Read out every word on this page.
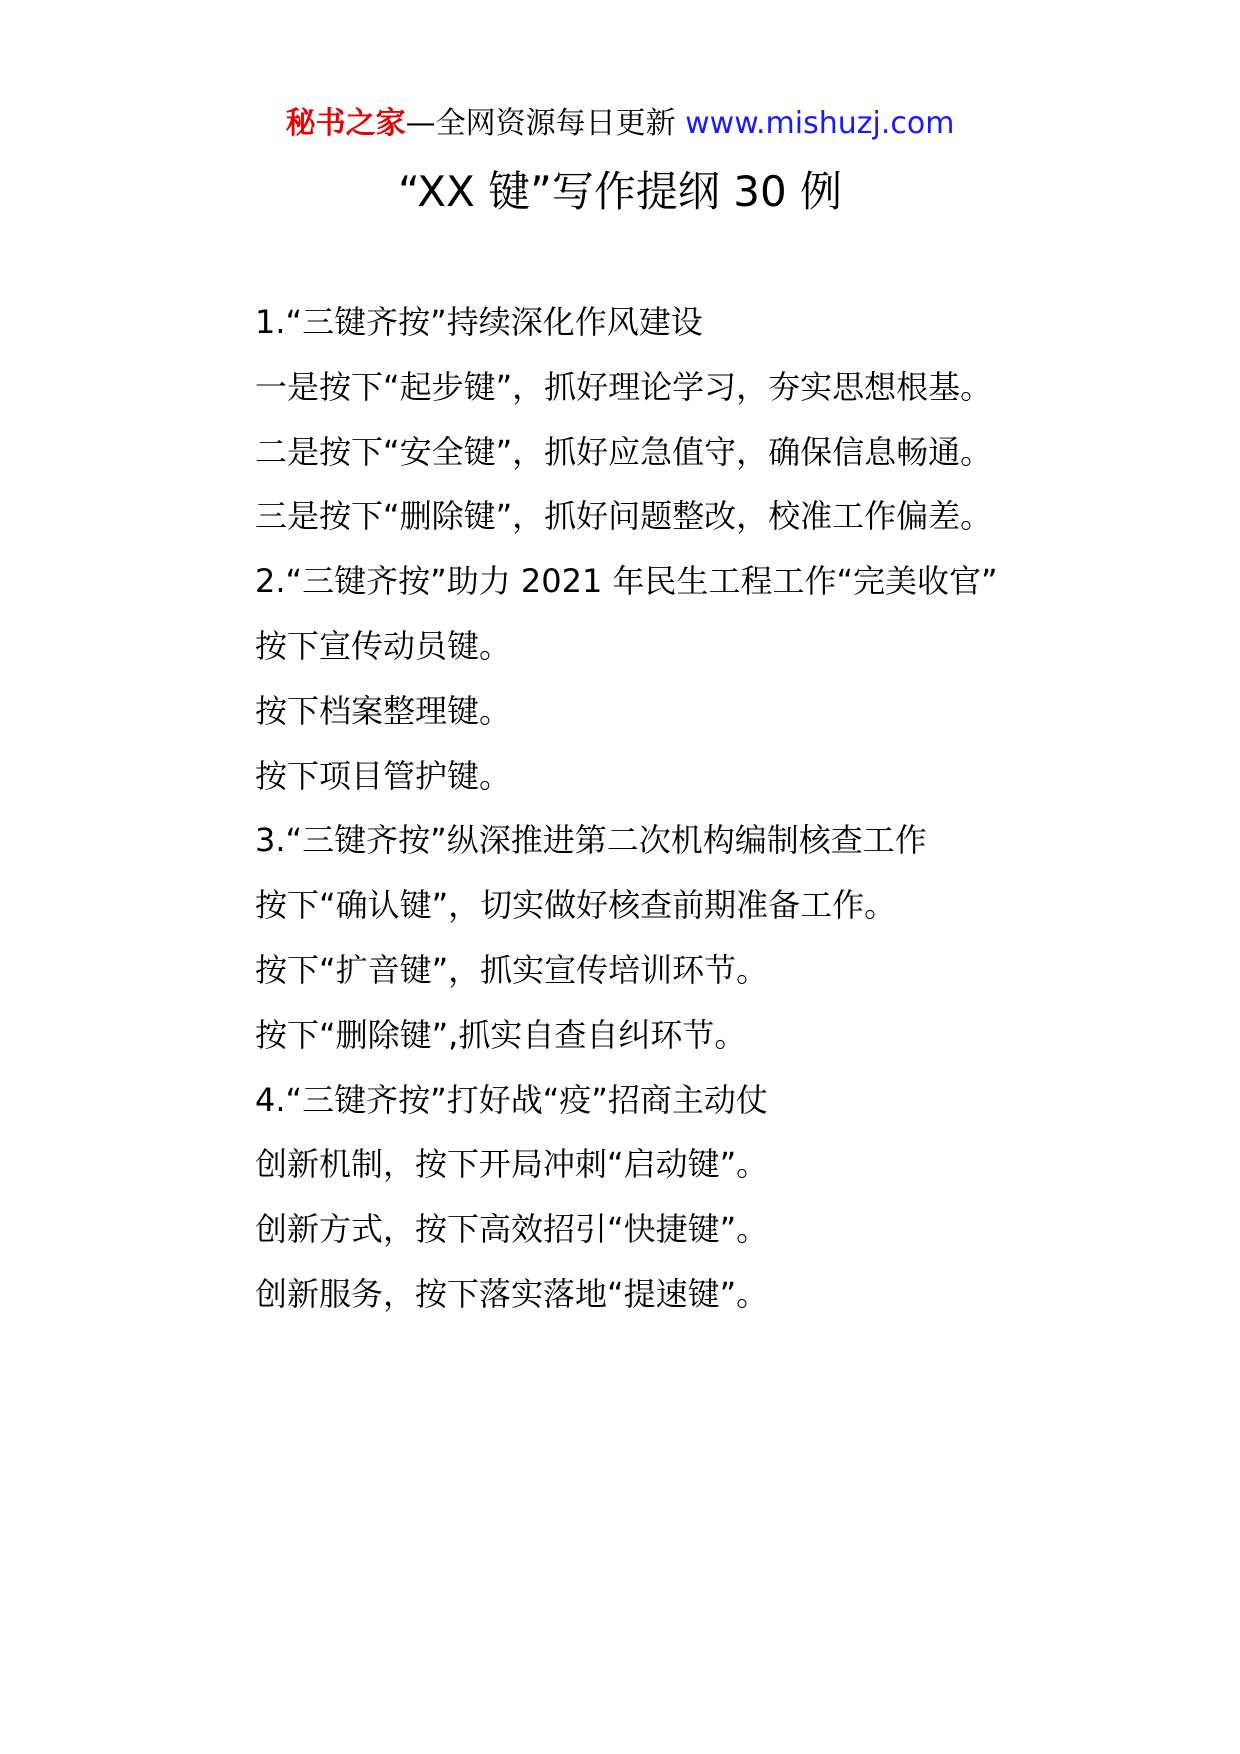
秘书之家—全网资源每日更新 www.mishuzj.com
“XX 键”写作提纲 30 例

1.“三键齐按”持续深化作风建设

一是按下“起步键”，抓好理论学习，夯实思想根基。

二是按下“安全键”，抓好应急值守，确保信息畅通。

三是按下“删除键”，抓好问题整改，校准工作偏差。

2.“三键齐按”助力 2021 年民生工程工作“完美收官”

按下宣传动员键。

按下档案整理键。

按下项目管护键。

3.“三键齐按”纵深推进第二次机构编制核查工作

按下“确认键”，切实做好核查前期准备工作。

按下“扩音键”，抓实宣传培训环节。

按下“删除键”,抓实自查自纠环节。

4.“三键齐按”打好战“疫”招商主动仗

创新机制，按下开局冲刺“启动键”。

创新方式，按下高效招引“快捷键”。

创新服务，按下落实落地“提速键”。
